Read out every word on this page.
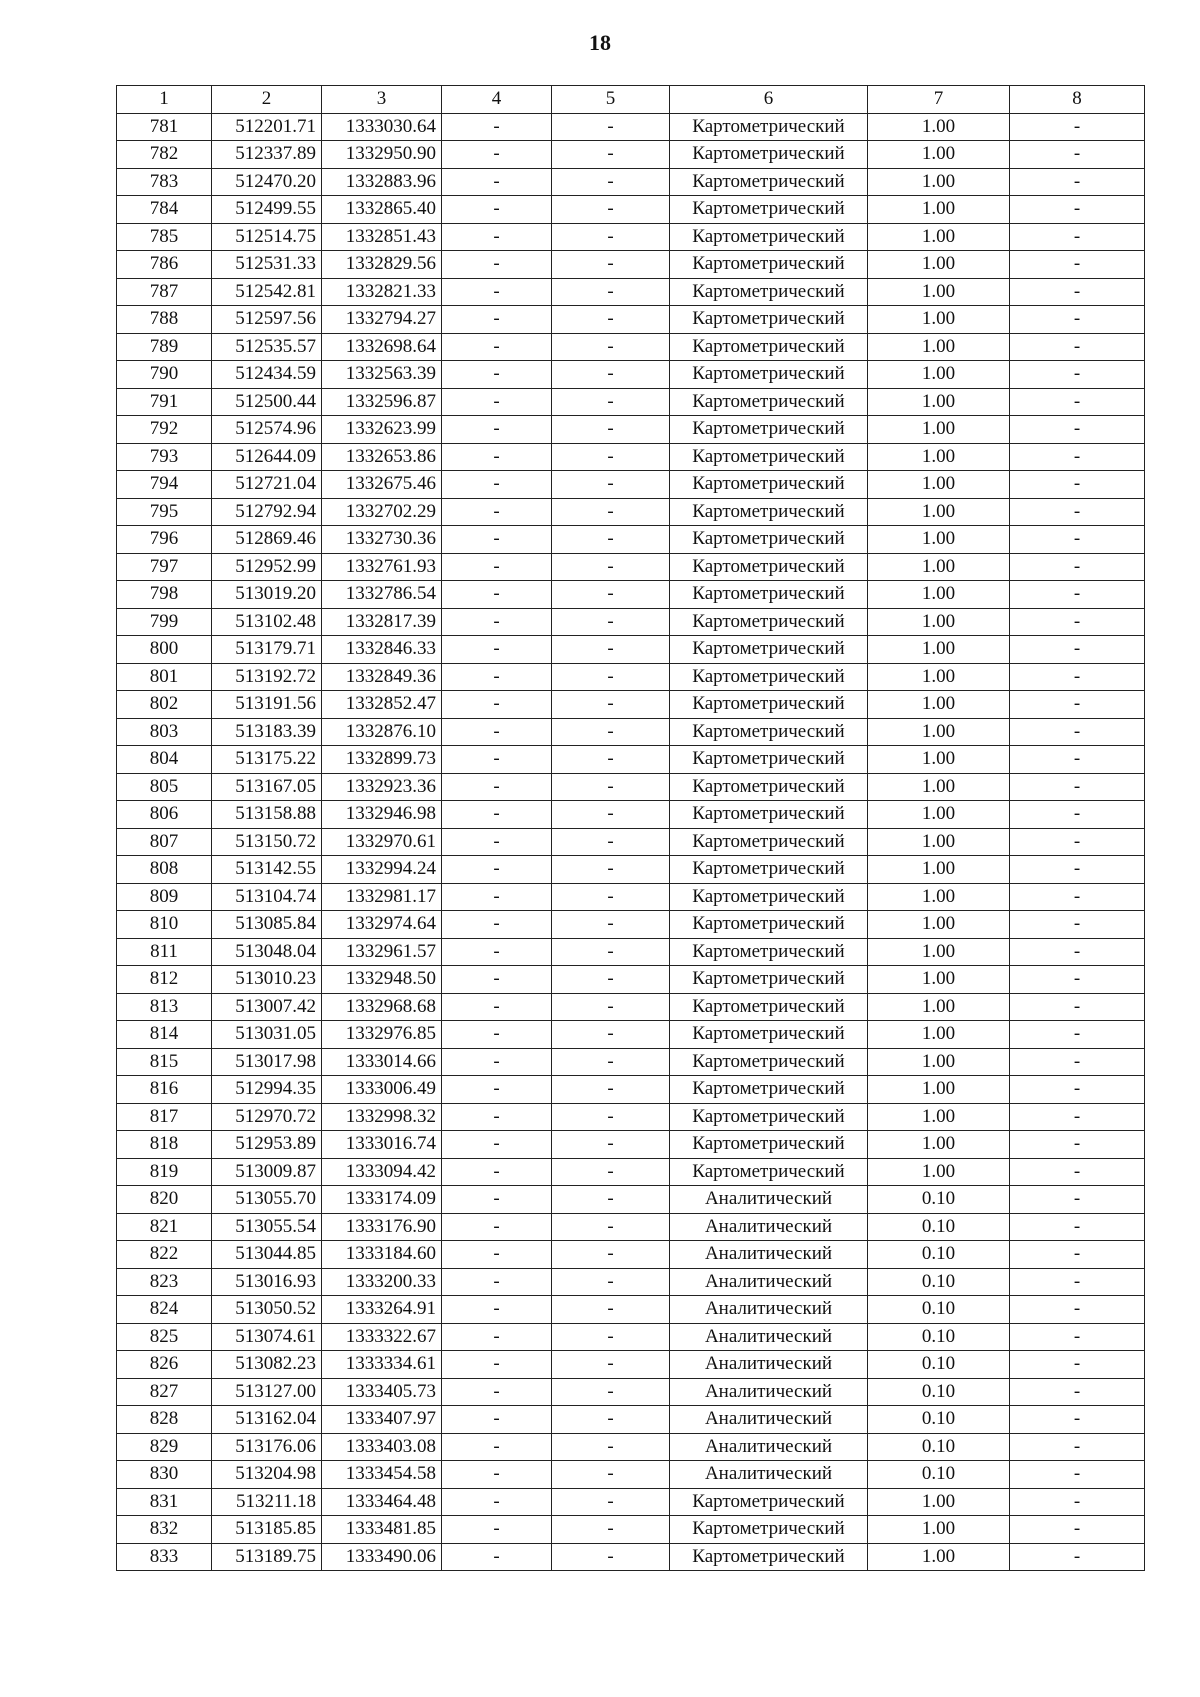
18
1	2	3	4	5	6	7	8
781	512201.71	1333030.64	-	-	Картометрический	1.00	-
782	512337.89	1332950.90	-	-	Картометрический	1.00	-
783	512470.20	1332883.96	-	-	Картометрический	1.00	-
784	512499.55	1332865.40	-	-	Картометрический	1.00	-
785	512514.75	1332851.43	-	-	Картометрический	1.00	-
786	512531.33	1332829.56	-	-	Картометрический	1.00	-
787	512542.81	1332821.33	-	-	Картометрический	1.00	-
788	512597.56	1332794.27	-	-	Картометрический	1.00	-
789	512535.57	1332698.64	-	-	Картометрический	1.00	-
790	512434.59	1332563.39	-	-	Картометрический	1.00	-
791	512500.44	1332596.87	-	-	Картометрический	1.00	-
792	512574.96	1332623.99	-	-	Картометрический	1.00	-
793	512644.09	1332653.86	-	-	Картометрический	1.00	-
794	512721.04	1332675.46	-	-	Картометрический	1.00	-
795	512792.94	1332702.29	-	-	Картометрический	1.00	-
796	512869.46	1332730.36	-	-	Картометрический	1.00	-
797	512952.99	1332761.93	-	-	Картометрический	1.00	-
798	513019.20	1332786.54	-	-	Картометрический	1.00	-
799	513102.48	1332817.39	-	-	Картометрический	1.00	-
800	513179.71	1332846.33	-	-	Картометрический	1.00	-
801	513192.72	1332849.36	-	-	Картометрический	1.00	-
802	513191.56	1332852.47	-	-	Картометрический	1.00	-
803	513183.39	1332876.10	-	-	Картометрический	1.00	-
804	513175.22	1332899.73	-	-	Картометрический	1.00	-
805	513167.05	1332923.36	-	-	Картометрический	1.00	-
806	513158.88	1332946.98	-	-	Картометрический	1.00	-
807	513150.72	1332970.61	-	-	Картометрический	1.00	-
808	513142.55	1332994.24	-	-	Картометрический	1.00	-
809	513104.74	1332981.17	-	-	Картометрический	1.00	-
810	513085.84	1332974.64	-	-	Картометрический	1.00	-
811	513048.04	1332961.57	-	-	Картометрический	1.00	-
812	513010.23	1332948.50	-	-	Картометрический	1.00	-
813	513007.42	1332968.68	-	-	Картометрический	1.00	-
814	513031.05	1332976.85	-	-	Картометрический	1.00	-
815	513017.98	1333014.66	-	-	Картометрический	1.00	-
816	512994.35	1333006.49	-	-	Картометрический	1.00	-
817	512970.72	1332998.32	-	-	Картометрический	1.00	-
818	512953.89	1333016.74	-	-	Картометрический	1.00	-
819	513009.87	1333094.42	-	-	Картометрический	1.00	-
820	513055.70	1333174.09	-	-	Аналитический	0.10	-
821	513055.54	1333176.90	-	-	Аналитический	0.10	-
822	513044.85	1333184.60	-	-	Аналитический	0.10	-
823	513016.93	1333200.33	-	-	Аналитический	0.10	-
824	513050.52	1333264.91	-	-	Аналитический	0.10	-
825	513074.61	1333322.67	-	-	Аналитический	0.10	-
826	513082.23	1333334.61	-	-	Аналитический	0.10	-
827	513127.00	1333405.73	-	-	Аналитический	0.10	-
828	513162.04	1333407.97	-	-	Аналитический	0.10	-
829	513176.06	1333403.08	-	-	Аналитический	0.10	-
830	513204.98	1333454.58	-	-	Аналитический	0.10	-
831	513211.18	1333464.48	-	-	Картометрический	1.00	-
832	513185.85	1333481.85	-	-	Картометрический	1.00	-
833	513189.75	1333490.06	-	-	Картометрический	1.00	-
